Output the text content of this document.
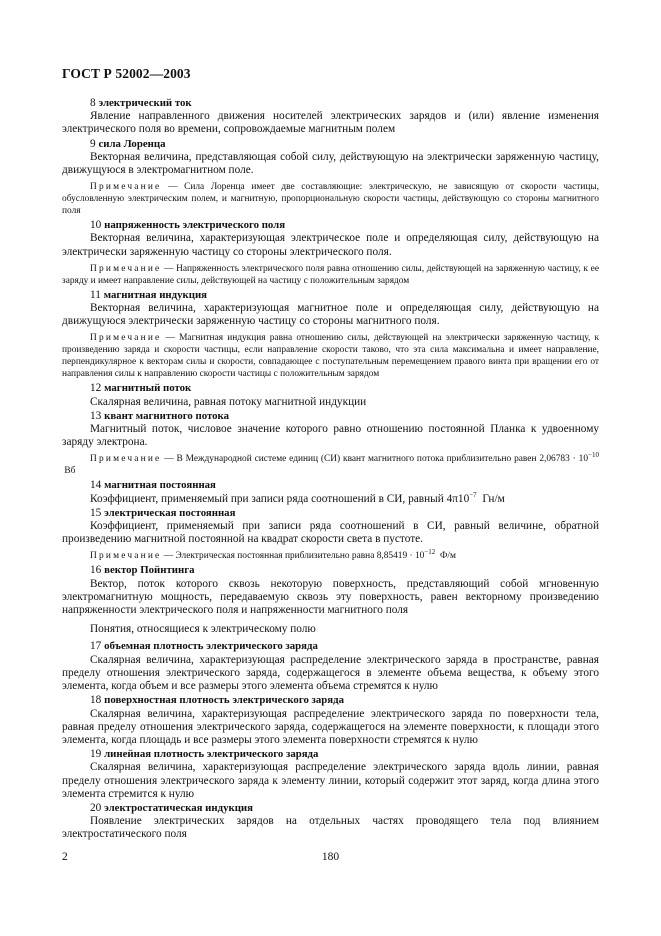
ГОСТ Р 52002—2003

8 электрический ток

Явление направленного движения носителей электрических зарядов и (или) явление изменения электрического поля во времени, сопровождаемые магнитным полем

9 сила Лоренца

Векторная величина, представляющая собой силу, действующую на электрически заряженную частицу, движущуюся в электромагнитном поле.

Примечание — Сила Лоренца имеет две составляющие: электрическую, не зависящую от скорости частицы, обусловленную электрическим полем, и магнитную, пропорциональную скорости частицы, действующую со стороны магнитного поля

10 напряженность электрического поля

Векторная величина, характеризующая электрическое поле и определяющая силу, действующую на электрически заряженную частицу со стороны электрического поля.

Примечание — Напряженность электрического поля равна отношению силы, действующей на заряженную частицу, к ее заряду и имеет направление силы, действующей на частицу с положительным зарядом

11 магнитная индукция

Векторная величина, характеризующая магнитное поле и определяющая силу, действующую на движущуюся электрически заряженную частицу со стороны магнитного поля.

Примечание — Магнитная индукция равна отношению силы, действующей на электрически заряженную частицу, к произведению заряда и скорости частицы, если направление скорости таково, что эта сила максимальна и имеет направление, перпендикулярное к векторам силы и скорости, совпадающее с поступательным перемещением правого винта при вращении его от направления силы к направлению скорости частицы с положительным зарядом

12 магнитный поток

Скалярная величина, равная потоку магнитной индукции

13 квант магнитного потока

Магнитный поток, числовое значение которого равно отношению постоянной Планка к удвоенному заряду электрона.

Примечание — В Международной системе единиц (СИ) квант магнитного потока приблизительно равен $2,06783 \cdot 10^{-10}$ Вб

14 магнитная постоянная

Коэффициент, применяемый при записи ряда соотношений в СИ, равный $4\pi 10^{-7}$  Гн/м

15 электрическая постоянная

Коэффициент, применяемый при записи ряда соотношений в СИ, равный величине, обратной произведению магнитной постоянной на квадрат скорости света в пустоте.

Примечание — Электрическая постоянная приблизительно равна $8,85419 \cdot 10^{-12}$  Ф/м

16 вектор Пойнтинга

Вектор, поток которого сквозь некоторую поверхность, представляющий собой мгновенную электромагнитную мощность, передаваемую сквозь эту поверхность, равен векторному произведению напряженности электрического поля и напряженности магнитного поля

Понятия, относящиеся к электрическому полю

17 объемная плотность электрического заряда

Скалярная величина, характеризующая распределение электрического заряда в пространстве, равная пределу отношения электрического заряда, содержащегося в элементе объема вещества, к объему этого элемента, когда объем и все размеры этого элемента объема стремятся к нулю

18 поверхностная плотность электрического заряда

Скалярная величина, характеризующая распределение электрического заряда по поверхности тела, равная пределу отношения электрического заряда, содержащегося на элементе поверхности, к площади этого элемента, когда площадь и все размеры этого элемента поверхности стремятся к нулю

19 линейная плотность электрического заряда

Скалярная величина, характеризующая распределение электрического заряда вдоль линии, равная пределу отношения электрического заряда к элементу линии, который содержит этот заряд, когда длина этого элемента стремится к нулю

20 электростатическая индукция

Появление электрических зарядов на отдельных частях проводящего тела под влиянием электростатического поля

2	180
